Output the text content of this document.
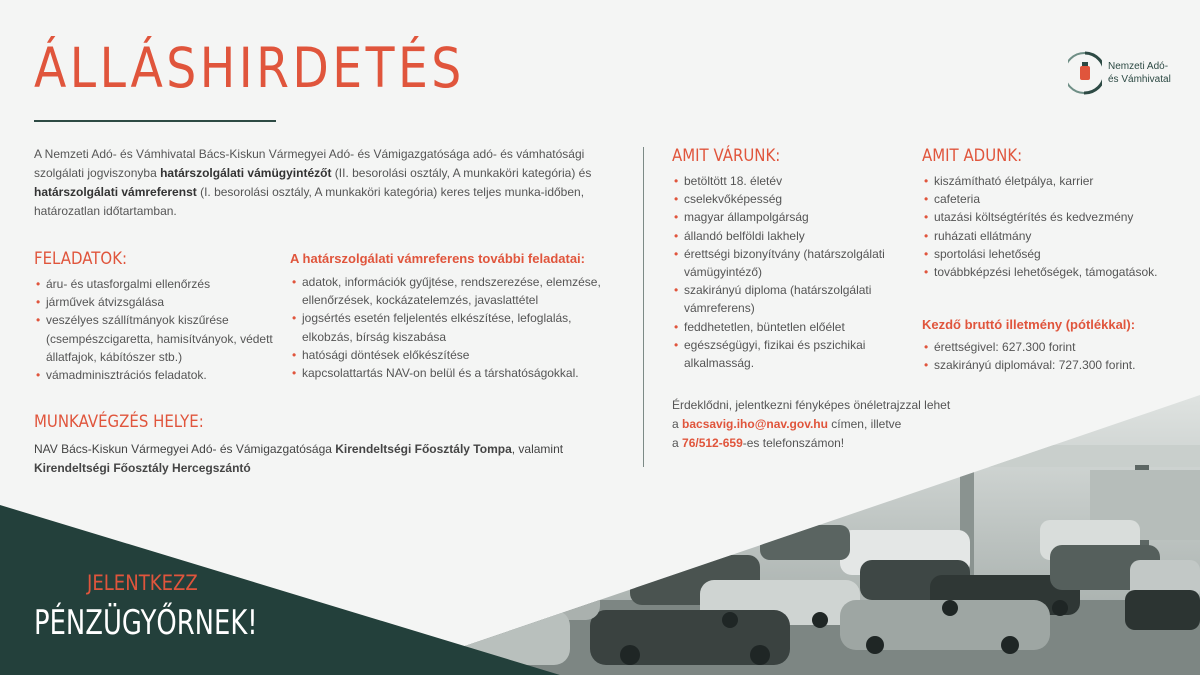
ÁLLÁSHIRDETÉS	Nemzeti Adó-
és Vámhivatal

A Nemzeti Adó- és Vámhivatal Bács-Kiskun Vármegyei Adó- és Vámigazgatósága adó- és vámhatósági szolgálati jogviszonyba határszolgálati vámügyintézőt (II. besorolási osztály, A munkaköri kategória) és határszolgálati vámreferenst (I. besorolási osztály, A munkaköri kategória) keres teljes munka-időben, határozatlan időtartamban.

FELADATOK:
• áru- és utasforgalmi ellenőrzés
• járművek átvizsgálása
• veszélyes szállítmányok kiszűrése (csempészcigaretta, hamisítványok, védett állatfajok, kábítószer stb.)
• vámadminisztrációs feladatok.
A határszolgálati vámreferens további feladatai:
• adatok, információk gyűjtése, rendszerezése, elemzése, ellenőrzések, kockázatelemzés, javaslattétel
• jogsértés esetén feljelentés elkészítése, lefoglalás, elkobzás, bírság kiszabása
• hatósági döntések előkészítése
• kapcsolattartás NAV-on belül és a társhatóságokkal.
MUNKAVÉGZÉS HELYE:

NAV Bács-Kiskun Vármegyei Adó- és Vámigazgatósága Kirendeltségi Főosztály Tompa, valamint Kirendeltségi Főosztály Hercegszántó

AMIT VÁRUNK:
• betöltött 18. életév
• cselekvőképesség
• magyar állampolgárság
• állandó belföldi lakhely
• érettségi bizonyítvány (határszolgálati vámügyintéző)
• szakirányú diploma (határszolgálati vámreferens)
• feddhetetlen, büntetlen előélet
• egészségügyi, fizikai és pszichikai alkalmasság.
AMIT ADUNK:
• kiszámítható életpálya, karrier
• cafeteria
• utazási költségtérítés és kedvezmény
• ruházati ellátmány
• sportolási lehetőség
• továbbképzési lehetőségek, támogatások.
Kezdő bruttó illetmény (pótlékkal):
• érettségivel: 627.300 forint
• szakirányú diplomával: 727.300 forint.
Érdeklődni, jelentkezni fényképes önéletrajzzal lehet
a bacsavig.iho@nav.gov.hu címen, illetve
a 76/512-659-es telefonszámon!
JELENTKEZZ
PÉNZÜGYŐRNEK!
